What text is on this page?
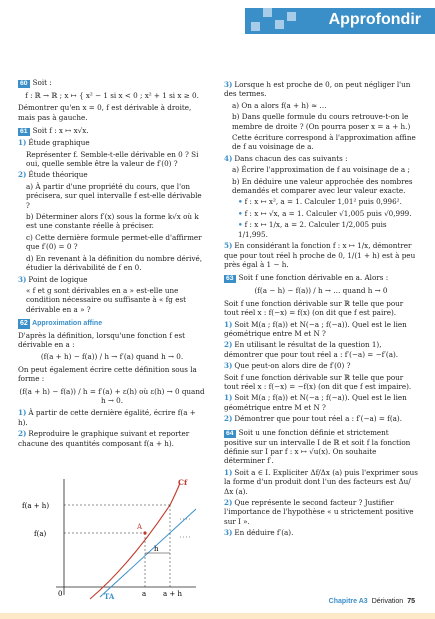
Approfondir

60 Soit :

f : ℝ → ℝ ; x ↦ { x² − 1 si x < 0 ; x² + 1 si x ≥ 0.

Démontrer qu'en x = 0, f est dérivable à droite, mais pas à gauche.

61 Soit f : x ↦ x√x.

1) Étude graphique

Représenter f. Semble-t-elle dérivable en 0 ? Si oui, quelle semble être la valeur de f′(0) ?

2) Étude théorique

a) À partir d'une propriété du cours, que l'on précisera, sur quel intervalle f est-elle dérivable ?

b) Déterminer alors f′(x) sous la forme k√x où k est une constante réelle à préciser.

c) Cette dernière formule permet-elle d'affirmer que f′(0) = 0 ?

d) En revenant à la définition du nombre dérivé, étudier la dérivabilité de f en 0.

3) Point de logique

« f et g sont dérivables en a » est-elle une condition nécessaire ou suffisante à « fg est dérivable en a » ?

62 Approximation affine

D'après la définition, lorsqu'une fonction f est dérivable en a :

(f(a + h) − f(a)) / h → f′(a) quand h → 0.

On peut également écrire cette définition sous la forme :

(f(a + h) − f(a)) / h = f′(a) + ε(h) où ε(h) → 0 quand h → 0.

1) À partir de cette dernière égalité, écrire f(a + h).

2) Reproduire le graphique suivant et reporter chacune des quantités composant f(a + h).

f(a + h)
f(a)
0	a a + h
h
A
Cf
TA

3) Lorsque h est proche de 0, on peut négliger l'un des termes.

a) On a alors f(a + h) ≈ …

b) Dans quelle formule du cours retrouve-t-on le membre de droite ? (On pourra poser x = a + h.)

Cette écriture correspond à l'approximation affine de f au voisinage de a.

4) Dans chacun des cas suivants :

a) Écrire l'approximation de f au voisinage de a ;

b) En déduire une valeur approchée des nombres demandés et comparer avec leur valeur exacte.

• f : x ↦ x², a = 1. Calculer 1,01² puis 0,996².

• f : x ↦ √x, a = 1. Calculer √1,005 puis √0,999.

• f : x ↦ 1/x, a = 2. Calculer 1/2,005 puis 1/1,995.

5) En considérant la fonction f : x ↦ 1/x, démontrer que pour tout réel h proche de 0, 1/(1 + h) est à peu près égal à 1 − h.

63 Soit f une fonction dérivable en a. Alors :

(f(a − h) − f(a)) / h → … quand h → 0

Soit f une fonction dérivable sur ℝ telle que pour tout réel x : f(−x) = f(x) (on dit que f est paire).

1) Soit M(a ; f(a)) et N(−a ; f(−a)). Quel est le lien géométrique entre M et N ?

2) En utilisant le résultat de la question 1), démontrer que pour tout réel a : f′(−a) = −f′(a).

3) Que peut-on alors dire de f′(0) ?

Soit f une fonction dérivable sur ℝ telle que pour tout réel x : f(−x) = −f(x) (on dit que f est impaire).

1) Soit M(a ; f(a)) et N(−a ; f(−a)). Quel est le lien géométrique entre M et N ?

2) Démontrer que pour tout réel a : f′(−a) = f(a).

64 Soit u une fonction définie et strictement positive sur un intervalle I de ℝ et soit f la fonction définie sur I par f : x ↦ √u(x). On souhaite déterminer f′.

1) Soit a ∈ I. Expliciter Δf/Δx (a) puis l'exprimer sous la forme d'un produit dont l'un des facteurs est Δu/Δx (a).

2) Que représente le second facteur ? Justifier l'importance de l'hypothèse « u strictement positive sur I ».

3) En déduire f′(a).

Chapitre A3 Dérivation 75
